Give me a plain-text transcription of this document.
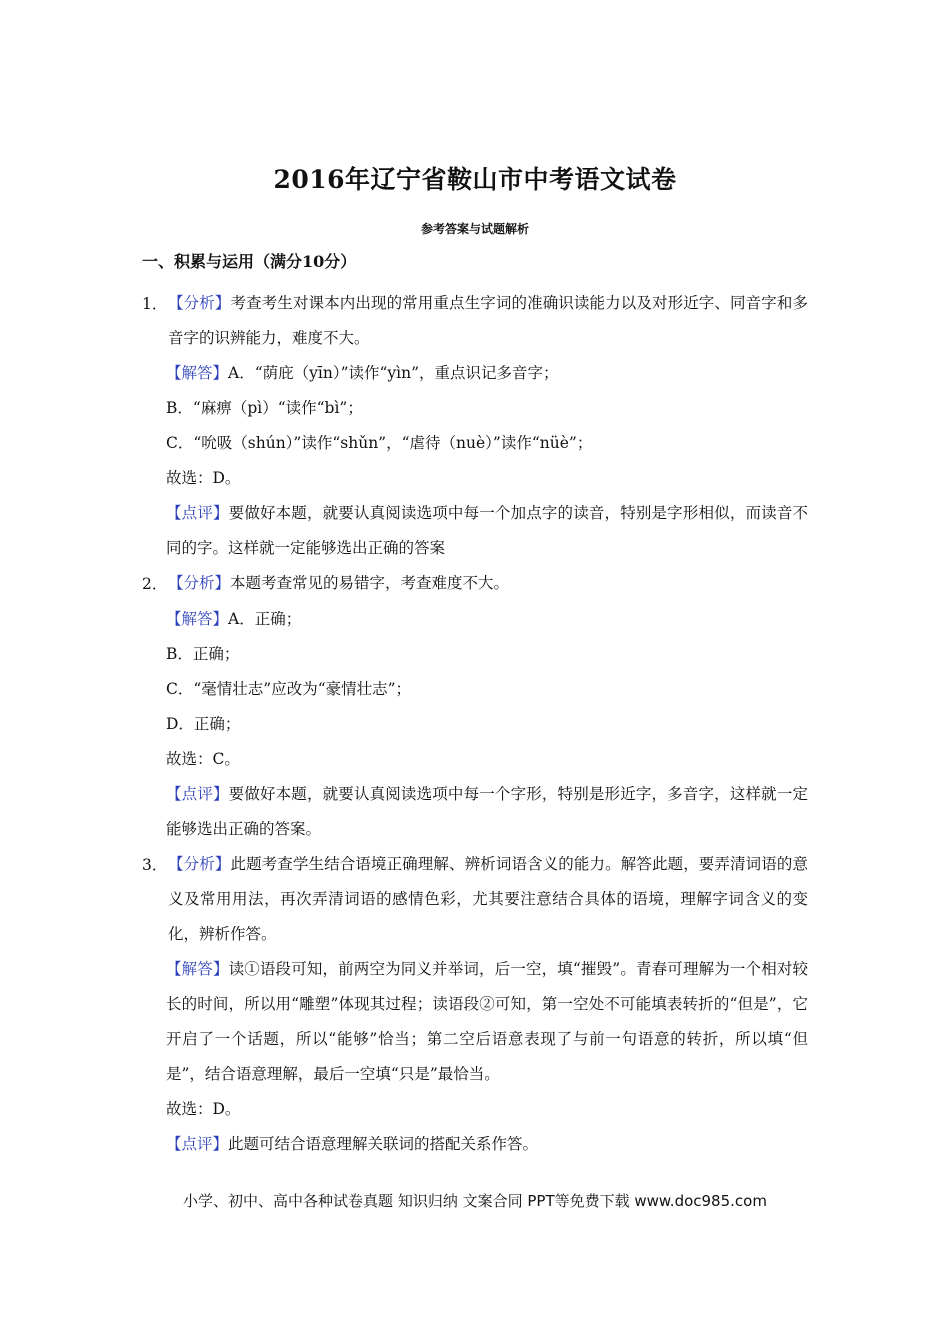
2016年辽宁省鞍山市中考语文试卷
参考答案与试题解析
一、积累与运用（满分10分）
1． 【分析】考查考生对课本内出现的常用重点生字词的准确识读能力以及对形近字、同音字和多音字的识辨能力，难度不大。
【解答】A．“荫庇（yīn）”读作“yìn”，重点识记多音字；
B．“麻痹（pì）“读作“bì”；
C．“吮吸（shún）”读作“shǔn”，“虐待（nuè）”读作“nüè”；
故选：D。
【点评】要做好本题，就要认真阅读选项中每一个加点字的读音，特别是字形相似，而读音不同的字。这样就一定能够选出正确的答案
2． 【分析】本题考查常见的易错字，考查难度不大。
【解答】A．正确；
B．正确；
C．“毫情壮志”应改为“豪情壮志”；
D．正确；
故选：C。
【点评】要做好本题，就要认真阅读选项中每一个字形，特别是形近字，多音字，这样就一定能够选出正确的答案。
3． 【分析】此题考查学生结合语境正确理解、辨析词语含义的能力。解答此题，要弄清词语的意义及常用用法，再次弄清词语的感情色彩，尤其要注意结合具体的语境，理解字词含义的变化，辨析作答。
【解答】读①语段可知，前两空为同义并举词，后一空，填“摧毁”。青春可理解为一个相对较长的时间，所以用“雕塑”体现其过程；读语段②可知，第一空处不可能填表转折的“但是”，它开启了一个话题，所以“能够”恰当；第二空后语意表现了与前一句语意的转折，所以填“但是”，结合语意理解，最后一空填“只是”最恰当。
故选：D。
【点评】此题可结合语意理解关联词的搭配关系作答。
小学、初中、高中各种试卷真题 知识归纳 文案合同 PPT等免费下载 www.doc985.com
